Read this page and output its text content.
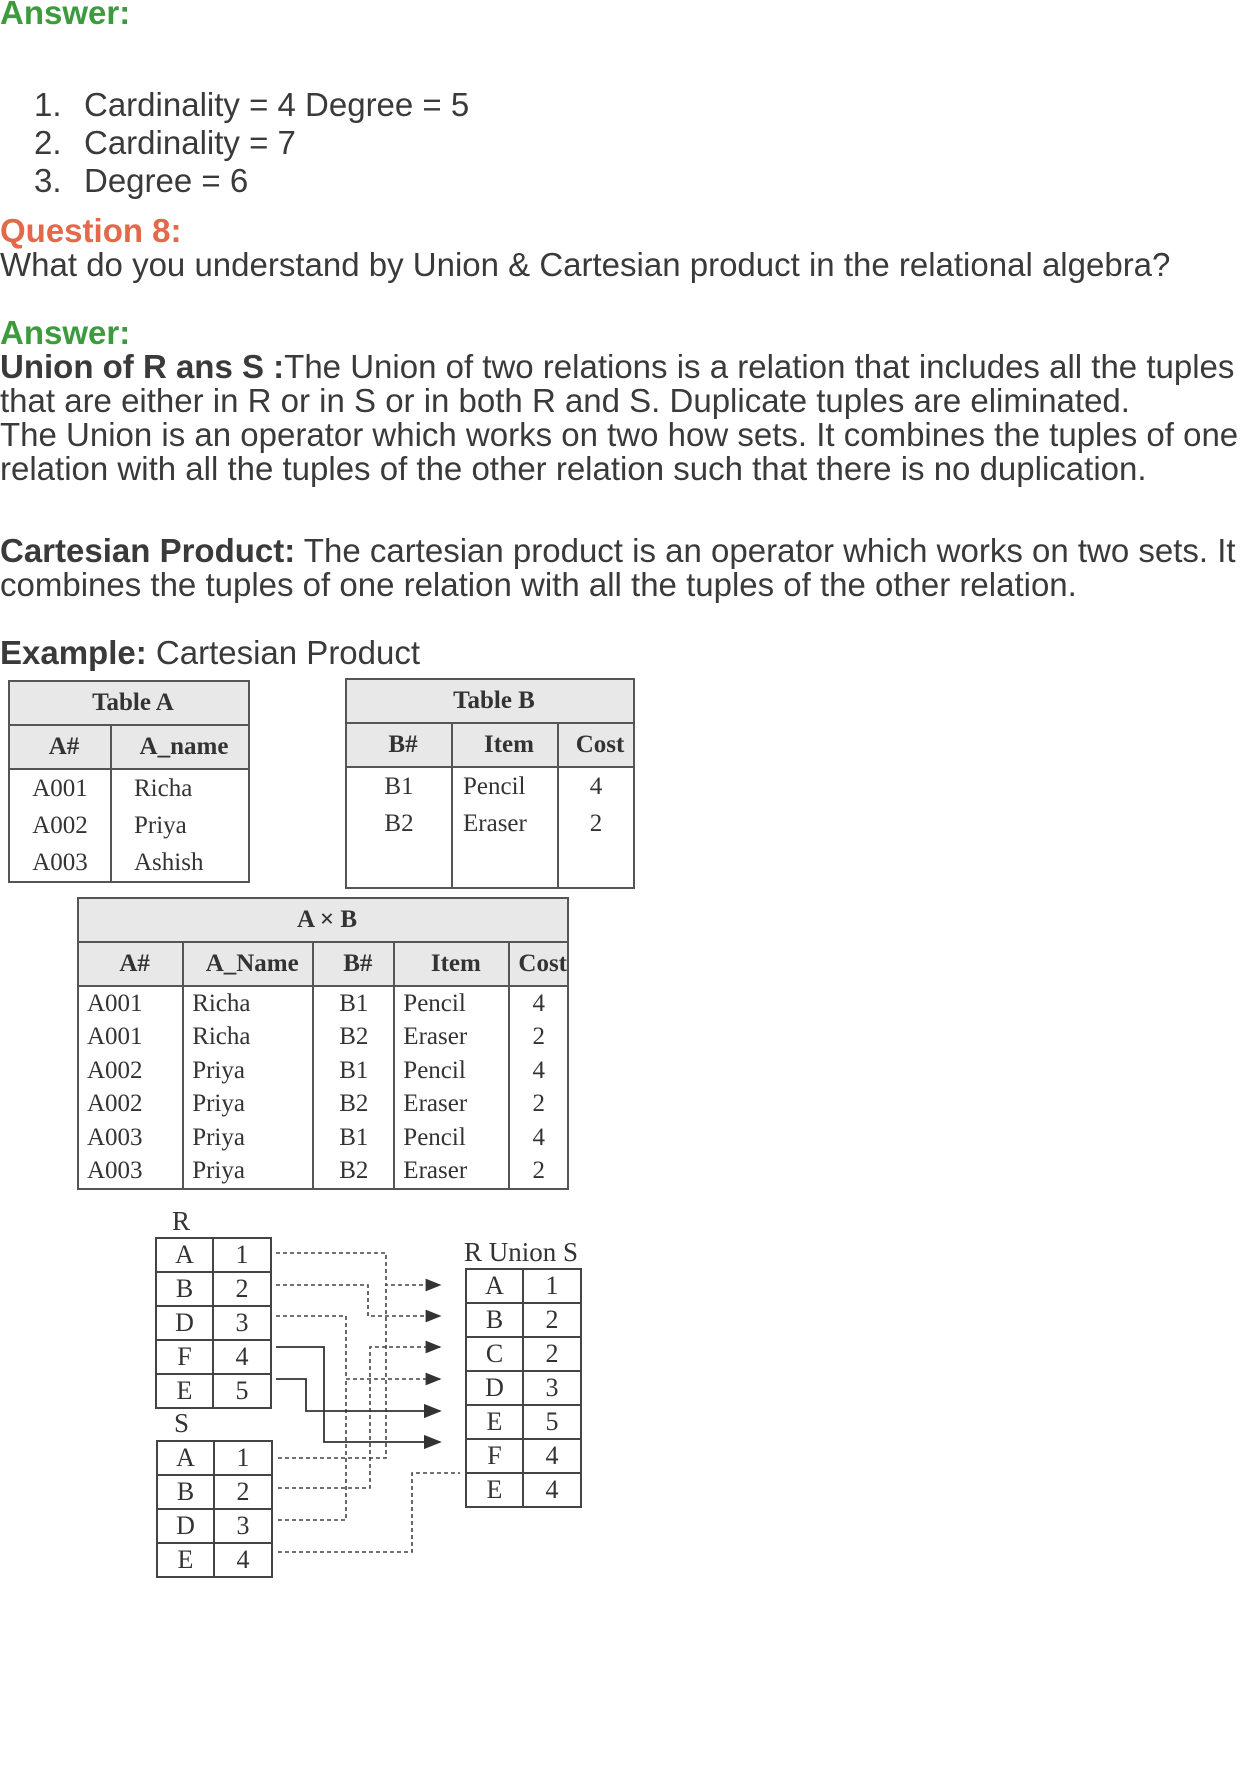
Answer:
1. Cardinality = 4 Degree = 5
2. Cardinality = 7
3. Degree = 6
Question 8:
What do you understand by Union & Cartesian product in the relational algebra?
Answer:
Union of R ans S :The Union of two relations is a relation that includes all the tuples
that are either in R or in S or in both R and S. Duplicate tuples are eliminated.
The Union is an operator which works on two how sets. It combines the tuples of one
relation with all the tuples of the other relation such that there is no duplication.
Cartesian Product: The cartesian product is an operator which works on two sets. It
combines the tuples of one relation with all the tuples of the other relation.
Example: Cartesian Product
Table A	
A#	A_name
A001	Richa
A002	Priya
A003	Ashish
Table B		
B#	Item	Cost
B1	Pencil	4
B2	Eraser	2

A × B				
A#	A_Name	B#	Item	Cost
A001	Richa	B1	Pencil	4
A001	Richa	B2	Eraser	2
A002	Priya	B1	Pencil	4
A002	Priya	B2	Eraser	2
A003	Priya	B1	Pencil	4
A003	Priya	B2	Eraser	2
R
A	1
B	2
D	3
F	4
E	5
S
A	1
B	2
D	3
E	4
R Union S
A	1
B	2
C	2
D	3
E	5
F	4
E	4
